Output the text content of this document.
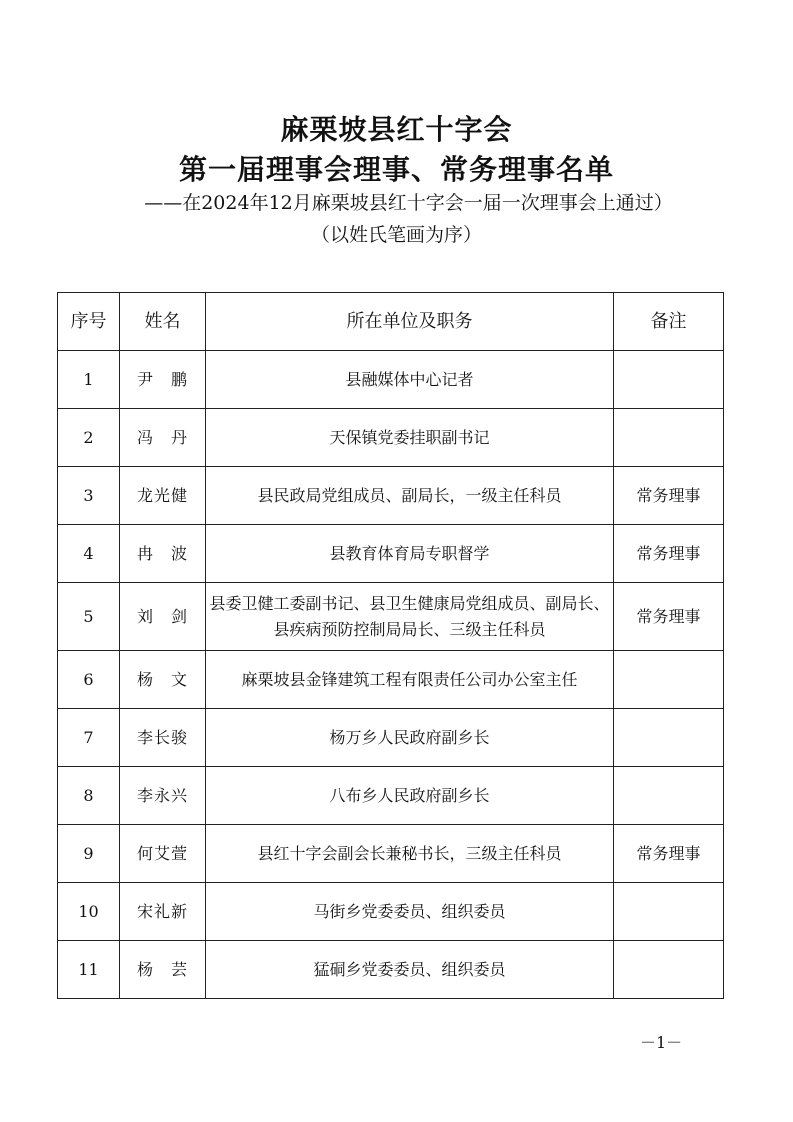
麻栗坡县红十字会
第一届理事会理事、常务理事名单
——在2024年12月麻栗坡县红十字会一届一次理事会上通过）
（以姓氏笔画为序）
序号	姓名	所在单位及职务	备注
1	尹　鹏	县融媒体中心记者	
2	冯　丹	天保镇党委挂职副书记	
3	龙光健	县民政局党组成员、副局长，一级主任科员	常务理事
4	冉　波	县教育体育局专职督学	常务理事
5	刘　剑	县委卫健工委副书记、县卫生健康局党组成员、副局长、县疾病预防控制局局长、三级主任科员	常务理事
6	杨　文	麻栗坡县金锋建筑工程有限责任公司办公室主任	
7	李长骏	杨万乡人民政府副乡长	
8	李永兴	八布乡人民政府副乡长	
9	何艾萱	县红十字会副会长兼秘书长，三级主任科员	常务理事
10	宋礼新	马街乡党委委员、组织委员	
11	杨　芸	猛硐乡党委委员、组织委员	
－1－
